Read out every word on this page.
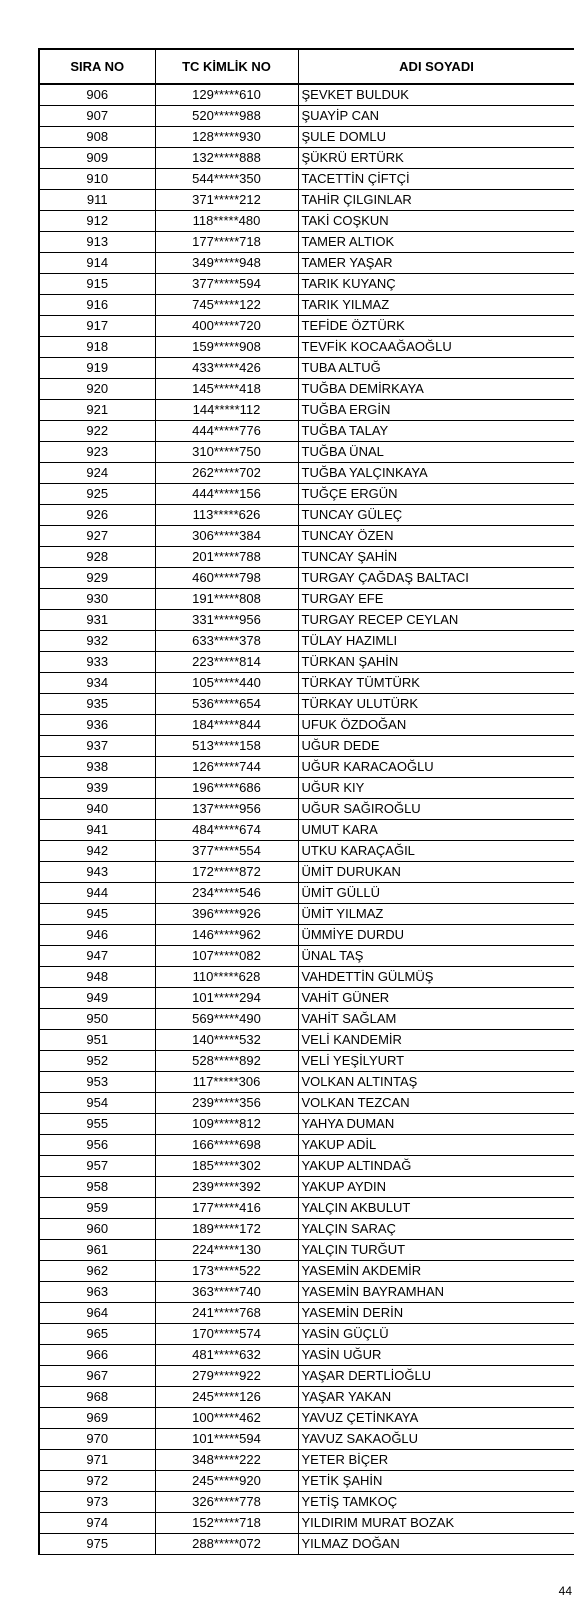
SIRA NO	TC KİMLİK NO	ADI SOYADI
906	129*****610	ŞEVKET BULDUK
907	520*****988	ŞUAYİP CAN
908	128*****930	ŞULE DOMLU
909	132*****888	ŞÜKRÜ ERTÜRK
910	544*****350	TACETTİN ÇİFTÇİ
911	371*****212	TAHİR ÇILGINLAR
912	118*****480	TAKİ COŞKUN
913	177*****718	TAMER ALTIOK
914	349*****948	TAMER YAŞAR
915	377*****594	TARIK KUYANÇ
916	745*****122	TARIK YILMAZ
917	400*****720	TEFİDE ÖZTÜRK
918	159*****908	TEVFİK KOCAAĞAOĞLU
919	433*****426	TUBA ALTUĞ
920	145*****418	TUĞBA DEMİRKAYA
921	144*****112	TUĞBA ERGİN
922	444*****776	TUĞBA TALAY
923	310*****750	TUĞBA ÜNAL
924	262*****702	TUĞBA YALÇINKAYA
925	444*****156	TUĞÇE ERGÜN
926	113*****626	TUNCAY GÜLEÇ
927	306*****384	TUNCAY ÖZEN
928	201*****788	TUNCAY ŞAHİN
929	460*****798	TURGAY ÇAĞDAŞ BALTACI
930	191*****808	TURGAY EFE
931	331*****956	TURGAY RECEP CEYLAN
932	633*****378	TÜLAY HAZIMLI
933	223*****814	TÜRKAN ŞAHİN
934	105*****440	TÜRKAY TÜMTÜRK
935	536*****654	TÜRKAY ULUTÜRK
936	184*****844	UFUK ÖZDOĞAN
937	513*****158	UĞUR DEDE
938	126*****744	UĞUR KARACAOĞLU
939	196*****686	UĞUR KIY
940	137*****956	UĞUR SAĞIROĞLU
941	484*****674	UMUT KARA
942	377*****554	UTKU KARAÇAĞIL
943	172*****872	ÜMİT DURUKAN
944	234*****546	ÜMİT GÜLLÜ
945	396*****926	ÜMİT YILMAZ
946	146*****962	ÜMMİYE DURDU
947	107*****082	ÜNAL TAŞ
948	110*****628	VAHDETTİN GÜLMÜŞ
949	101*****294	VAHİT GÜNER
950	569*****490	VAHİT SAĞLAM
951	140*****532	VELİ KANDEMİR
952	528*****892	VELİ YEŞİLYURT
953	117*****306	VOLKAN ALTINTAŞ
954	239*****356	VOLKAN TEZCAN
955	109*****812	YAHYA DUMAN
956	166*****698	YAKUP ADİL
957	185*****302	YAKUP ALTINDAĞ
958	239*****392	YAKUP AYDIN
959	177*****416	YALÇIN AKBULUT
960	189*****172	YALÇIN SARAÇ
961	224*****130	YALÇIN TURĞUT
962	173*****522	YASEMİN AKDEMİR
963	363*****740	YASEMİN BAYRAMHAN
964	241*****768	YASEMİN DERİN
965	170*****574	YASİN GÜÇLÜ
966	481*****632	YASİN UĞUR
967	279*****922	YAŞAR DERTLİOĞLU
968	245*****126	YAŞAR YAKAN
969	100*****462	YAVUZ ÇETİNKAYA
970	101*****594	YAVUZ SAKAOĞLU
971	348*****222	YETER BİÇER
972	245*****920	YETİK ŞAHİN
973	326*****778	YETİŞ TAMKOÇ
974	152*****718	YILDIRIM MURAT BOZAK
975	288*****072	YILMAZ DOĞAN
44
